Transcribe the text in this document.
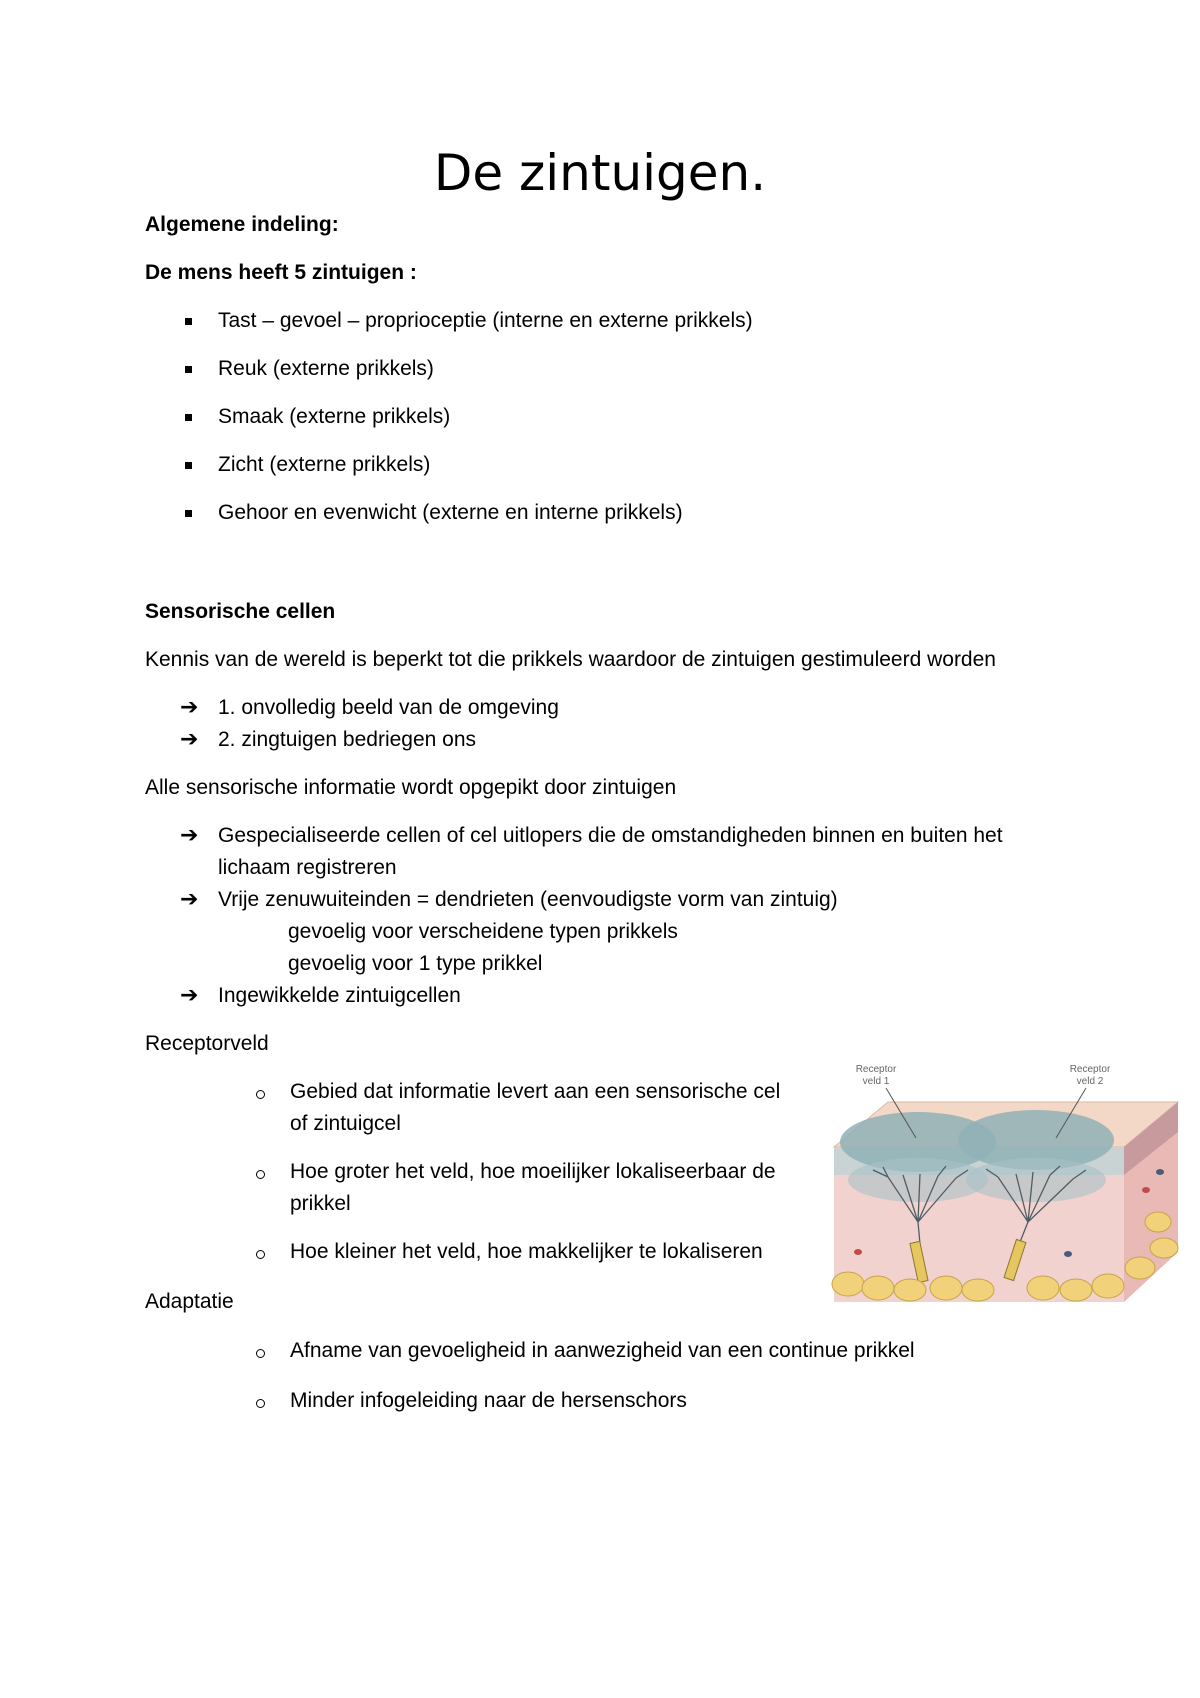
De zintuigen.
Algemene indeling:
De mens heeft 5 zintuigen :
Tast – gevoel – proprioceptie (interne en externe prikkels)
Reuk (externe prikkels)
Smaak (externe prikkels)
Zicht (externe prikkels)
Gehoor en evenwicht (externe en interne prikkels)
Sensorische cellen
Kennis van de wereld is beperkt tot die prikkels waardoor de zintuigen gestimuleerd worden
➔ 1. onvolledig beeld van de omgeving
➔ 2. zingtuigen bedriegen ons
Alle sensorische informatie wordt opgepikt door zintuigen
➔ Gespecialiseerde cellen of cel uitlopers die de omstandigheden binnen en buiten het
lichaam registreren
➔ Vrije zenuwuiteinden = dendrieten (eenvoudigste vorm van zintuig)
gevoelig voor verscheidene typen prikkels
gevoelig voor 1 type prikkel
➔ Ingewikkelde zintuigcellen
Receptorveld
Gebied dat informatie levert aan een sensorische cel
of zintuigcel
Hoe groter het veld, hoe moeilijker lokaliseerbaar de
prikkel
Hoe kleiner het veld, hoe makkelijker te lokaliseren
Receptor
veld 1
Receptor
veld 2
Adaptatie
Afname van gevoeligheid in aanwezigheid van een continue prikkel
Minder infogeleiding naar de hersenschors
